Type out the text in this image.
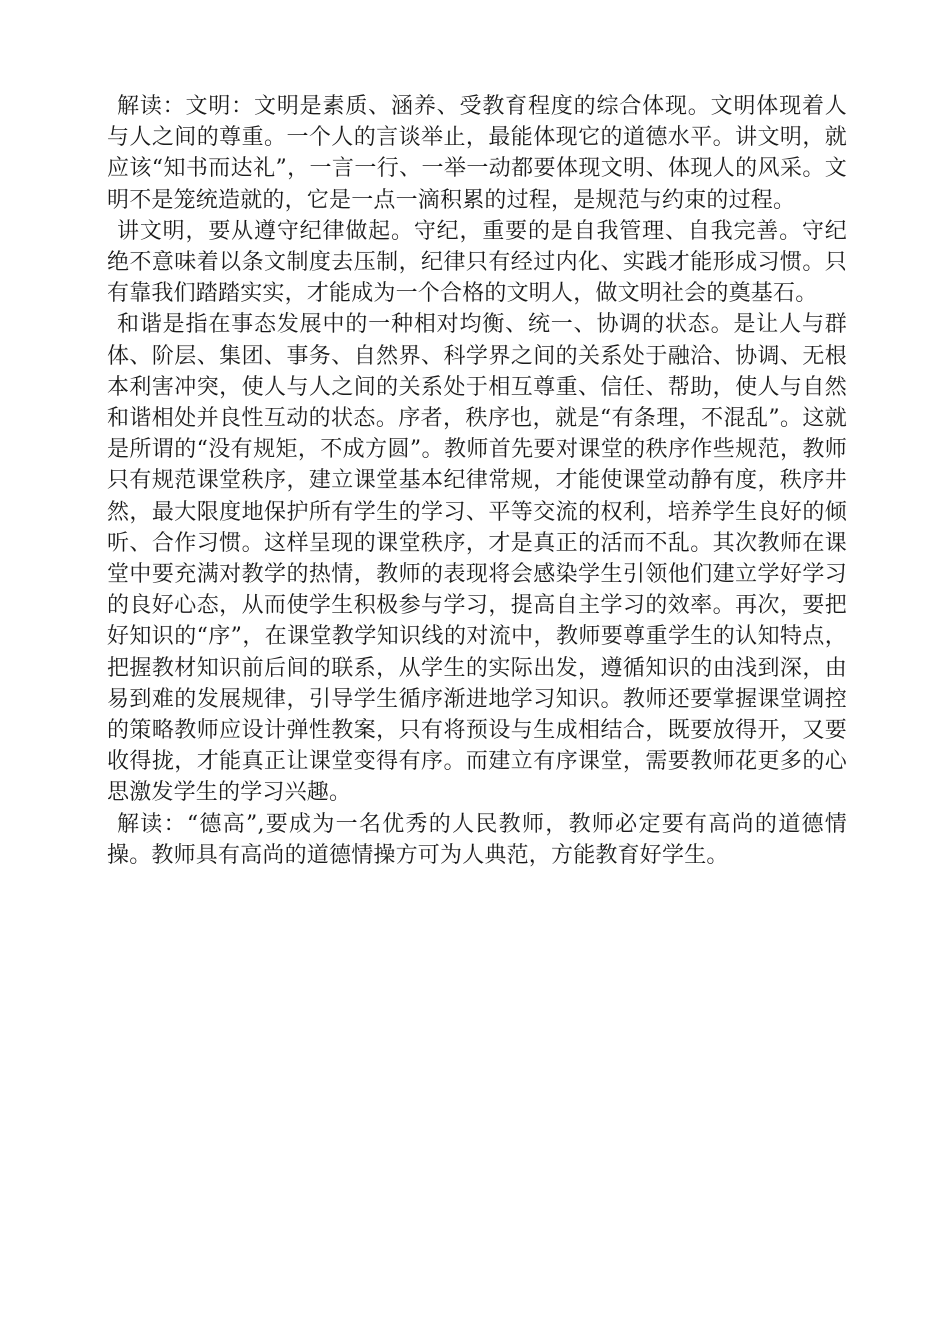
解读：文明：文明是素质、涵养、受教育程度的综合体现。文明体现着人与人之间的尊重。一个人的言谈举止，最能体现它的道德水平。讲文明，就应该“知书而达礼”，一言一行、一举一动都要体现文明、体现人的风采。文明不是笼统造就的，它是一点一滴积累的过程，是规范与约束的过程。

讲文明，要从遵守纪律做起。守纪，重要的是自我管理、自我完善。守纪绝不意味着以条文制度去压制，纪律只有经过内化、实践才能形成习惯。只有靠我们踏踏实实，才能成为一个合格的文明人，做文明社会的奠基石。

和谐是指在事态发展中的一种相对均衡、统一、协调的状态。是让人与群体、阶层、集团、事务、自然界、科学界之间的关系处于融洽、协调、无根本利害冲突，使人与人之间的关系处于相互尊重、信任、帮助，使人与自然和谐相处并良性互动的状态。序者，秩序也，就是“有条理，不混乱”。这就是所谓的“没有规矩，不成方圆”。教师首先要对课堂的秩序作些规范，教师只有规范课堂秩序，建立课堂基本纪律常规，才能使课堂动静有度，秩序井然，最大限度地保护所有学生的学习、平等交流的权利，培养学生良好的倾听、合作习惯。这样呈现的课堂秩序，才是真正的活而不乱。其次教师在课堂中要充满对教学的热情，教师的表现将会感染学生引领他们建立学好学习的良好心态，从而使学生积极参与学习，提高自主学习的效率。再次，要把好知识的“序”，在课堂教学知识线的对流中，教师要尊重学生的认知特点，把握教材知识前后间的联系，从学生的实际出发，遵循知识的由浅到深，由易到难的发展规律，引导学生循序渐进地学习知识。教师还要掌握课堂调控的策略教师应设计弹性教案，只有将预设与生成相结合，既要放得开，又要收得拢，才能真正让课堂变得有序。而建立有序课堂，需要教师花更多的心思激发学生的学习兴趣。

解读：“德高”,要成为一名优秀的人民教师，教师必定要有高尚的道德情操。教师具有高尚的道德情操方可为人典范，方能教育好学生。
